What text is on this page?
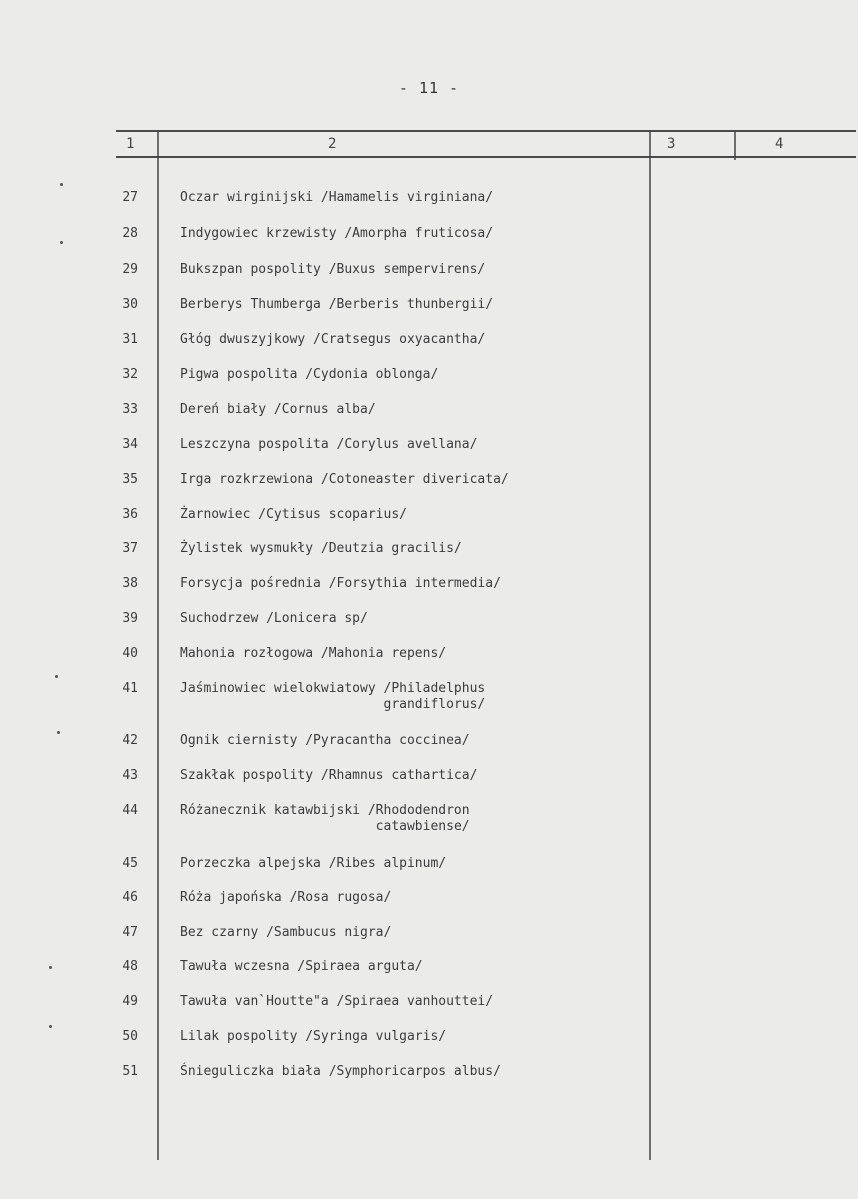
- 11 -
1	2	3	4
27	Oczar wirginijski /Hamamelis virginiana/
28	Indygowiec krzewisty /Amorpha fruticosa/
29	Bukszpan pospolity /Buxus sempervirens/
30	Berberys Thumberga /Berberis thunbergii/
31	Głóg dwuszyjkowy /Cratsegus oxyacantha/
32	Pigwa pospolita /Cydonia oblonga/
33	Dereń biały /Cornus alba/
34	Leszczyna pospolita /Corylus avellana/
35	Irga rozkrzewiona /Cotoneaster divericata/
36	Żarnowiec /Cytisus scoparius/
37	Żylistek wysmukły /Deutzia gracilis/
38	Forsycja pośrednia /Forsythia intermedia/
39	Suchodrzew /Lonicera sp/
40	Mahonia rozłogowa /Mahonia repens/
41	Jaśminowiec wielokwiatowy /Philadelphus
grandiflorus/
42	Ognik ciernisty /Pyracantha coccinea/
43	Szakłak pospolity /Rhamnus cathartica/
44	Różanecznik katawbijski /Rhododendron
catawbiense/
45	Porzeczka alpejska /Ribes alpinum/
46	Róża japońska /Rosa rugosa/
47	Bez czarny /Sambucus nigra/
48	Tawuła wczesna /Spiraea arguta/
49	Tawuła van`Houtte"a /Spiraea vanhouttei/
50	Lilak pospolity /Syringa vulgaris/
51	Śnieguliczka biała /Symphoricarpos albus/
